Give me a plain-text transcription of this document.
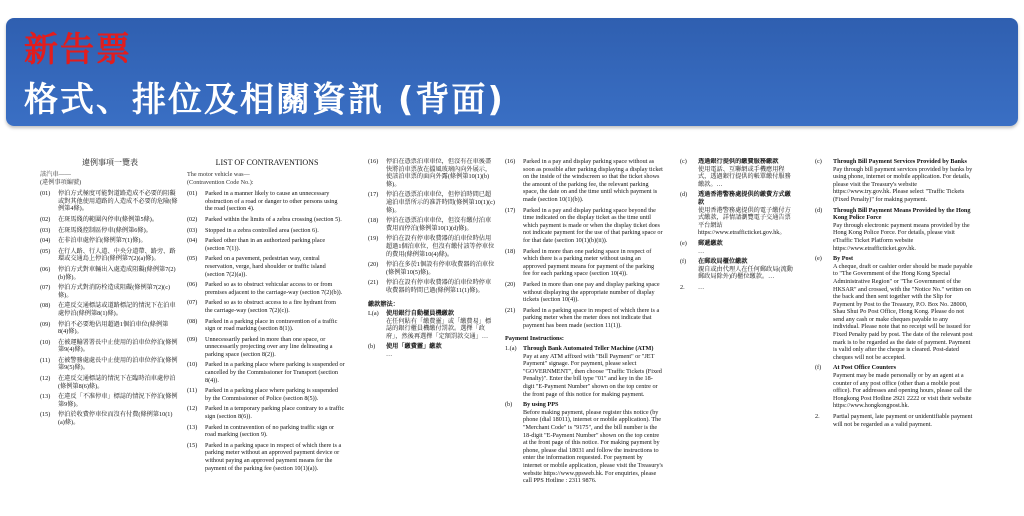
新告票
格式、排位及相關資訊 (背面)
違例事項一覽表
該汽車——
(違例事項編號)
(01) 停泊方式極度可能對道路造成不必要的阻礙或對其他使用道路的人造成不必要的危險(條例第4條)。
(02) 在斑馬綫的範圍內停車(條例第5條)。
(03) 在斑馬綫控制區停車(條例第6條)。
(04) 在非泊車處停泊(條例第7(1)條)。
(05) 在行人路、行人道、中央分道帶、路旁、路環或交通島上停泊(條例第7(2)(a)條)。
(06) 停泊方式對車輛出入處造成阻礙(條例第7(2)(b)條)。
(07) 停泊方式對消防栓造成阻礙(條例第7(2)(c)條)。
(08) 在違反交通標誌或道路標記的情況下在泊車處停泊(條例第8(1)條)。
(09) 停泊不必要地佔用超過1個泊車位(條例第8(4)條)。
(10) 在被運輸署署長中止使用的泊車位停泊(條例第9(4)條)。
(11) 在被警務處處長中止使用的泊車位停泊(條例第9(5)條)。
(12) 在違反交通標誌的情況下在臨時泊車處停泊(條例第8(6)條)。
(13) 在違反「不准停車」標誌的情況下停泊(條例第9條)。
(15) 停泊於收費停車位而沒有付費(條例第10(1)(a)條)。
LIST OF CONTRAVENTIONS
The motor vehicle was—
(Contravention Code No.):
(01) Parked in a manner likely to cause an unnecessary obstruction of a road or danger to other persons using the road (section 4).
(02) Parked within the limits of a zebra crossing (section 5).
(03) Stopped in a zebra controlled area (section 6).
(04) Parked other than in an authorized parking place (section 7(1)).
(05) Parked on a pavement, pedestrian way, central reservation, verge, hard shoulder or traffic island (section 7(2)(a)).
(06) Parked so as to obstruct vehicular access to or from premises adjacent to the carriage-way (section 7(2)(b)).
(07) Parked so as to obstruct access to a fire hydrant from the carriage-way (section 7(2)(c)).
(08) Parked in a parking place in contravention of a traffic sign or road marking (section 8(1)).
(09) Unnecessarily parked in more than one space, or unnecessarily projecting over any line delineating a parking space (section 8(2)).
(10) Parked in a parking place where parking is suspended or cancelled by the Commissioner for Transport (section 8(4)).
(11) Parked in a parking place where parking is suspended by the Commissioner of Police (section 8(5)).
(12) Parked in a temporary parking place contrary to a traffic sign (section 8(6)).
(13) Parked in contravention of no parking traffic sign or road marking (section 9).
(15) Parked in a parking space in respect of which there is a parking meter without an approved payment device or without paying an approved payment means for the payment of the parking fee (section 10(1)(a)).
(16) 停泊在憑票泊車車位，但沒有在車後盡快將泊車票放在擋風玻璃內向外展示，使該泊車票的面向外露(條例第10(1)(b)條)。
(17) 停泊在憑票泊車車位，但停泊時間已超逾泊車票所示的准許時間(條例第10(1)(c)條)。
(18) 停泊在憑票泊車車位，但沒有繳付泊車費用而停泊(條例第10(1)(d)條)。
(19) 停泊在設有停車收費器的泊車位時佔用超過1個泊車位，但沒有繳付該等停車位的費用(條例第10(4)條)。
(20) 停泊在多於1個設有停車收費器的泊車位(條例第10(5)條)。
(21) 停泊在設有停車收費器的泊車位時停車收費器的時間已過(條例第11(1)條)。
繳款辦法：
L(a) 使用銀行自動櫃員機繳款
在任何貼有「繳費靈」或「繳費易」標誌的銀行櫃員機繳付罰款。選擇「政府」，然後再選擇「定額罰款交通」…
(b) 使用「繳費靈」繳款
…
(16) Parked in a pay and display parking space without as soon as possible after parking displaying a display ticket on the inside of the windscreen so that the ticket shows the amount of the parking fee, the relevant parking space, the date on and the time until which payment is made (section 10(1)(b)).
(17) Parked in a pay and display parking space beyond the time indicated on the display ticket as the time until which payment is made or when the display ticket does not indicate payment for the use of that parking space or for that date (section 10(1)(b)(ii)).
(18) Parked in more than one parking space in respect of which there is a parking meter without using an approved payment means for payment of the parking fee for each parking space (section 10(4)).
(20) Parked in more than one pay and display parking space without displaying the appropriate number of display tickets (section 10(4)).
(21) Parked in a parking space in respect of which there is a parking meter when the meter does not indicate that payment has been made (section 11(1)).
Payment Instructions:
1.(a) Through Bank Automated Teller Machine (ATM)
Pay at any ATM affixed with "Bill Payment" or "JET Payment" signage. For payment, please select "GOVERNMENT", then choose "Traffic Tickets (Fixed Penalty)". Enter the bill type "01" and key in the 18-digit "E-Payment Number" shown on the top centre or the front page of this notice for making payment.
(b) By using PPS
Before making payment, please register this notice (by phone (dial 18011), internet or mobile application). The "Merchant Code" is "9175", and the bill number is the 18-digit "E-Payment Number" shown on the top centre at the front page of this notice. For making payment by phone, please dial 18031 and follow the instructions to enter the information requested. For payment by internet or mobile application, please visit the Treasury's website https://www.ppsweb.hk. For enquiries, please call PPS Hotline : 2311 9876.
(c) 透過銀行提供的繳費服務繳款
使用電話、互聯網或手機應用程式，透過銀行提供的帳單繳付服務繳款。…
(d) 透過香港警務處提供的繳費方式繳款
使用香港警務處提供的電子繳付方式繳款，詳情請瀏覽電子交通告票平台網站 https://www.etrafficticket.gov.hk。
(e) 郵遞繳款
…
(f) 在郵政局櫃位繳款
親自或由代理人在任何郵政局(流動郵政局除外)的櫃位繳款。…
2. …
(c) Through Bill Payment Services Provided by Banks
Pay through bill payment services provided by banks by using phone, internet or mobile application. For details, please visit the Treasury's website https://www.try.gov.hk. Please select "Traffic Tickets (Fixed Penalty)" for making payment.
(d) Through Bill Payment Means Provided by the Hong Kong Police Force
Pay through electronic payment means provided by the Hong Kong Police Force. For details, please visit eTraffic Ticket Platform website https://www.etrafficticket.gov.hk.
(e) By Post
A cheque, draft or cashier order should be made payable to "The Government of the Hong Kong Special Administrative Region" or "The Government of the HKSAR" and crossed, with the "Notice No." written on the back and then sent together with the Slip for Payment by Post to the Treasury, P.O. Box No. 28000, Shau Shui Po Post Office, Hong Kong. Please do not send any cash or make cheques payable to any individual. Please note that no receipt will be issued for Fixed Penalty paid by post. The date of the relevant post mark is to be regarded as the date of payment. Payment is valid only after the cheque is cleared. Post-dated cheques will not be accepted.
(f) At Post Office Counters
Payment may be made personally or by an agent at a counter of any post office (other than a mobile post office). For addresses and opening hours, please call the Hongkong Post Hotline 2921 2222 or visit their website https://www.hongkongpost.hk.
2. Partial payment, late payment or unidentifiable payment will not be regarded as a valid payment.
